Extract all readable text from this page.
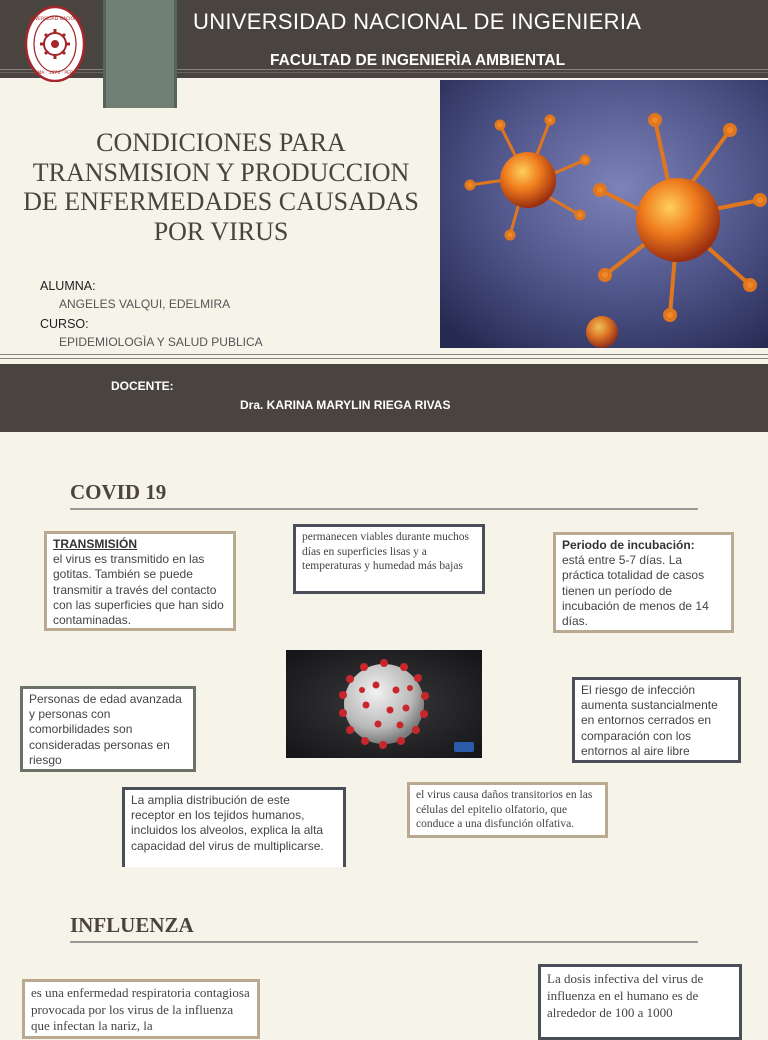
UNIVERSIDAD NACIONAL
LIMA · 1876 · PERÚ
UNIVERSIDAD NACIONAL DE INGENIERIA
FACULTAD DE INGENIERÌA AMBIENTAL
CONDICIONES PARA
TRANSMISION Y PRODUCCION
DE ENFERMEDADES CAUSADAS
POR VIRUS
ALUMNA:
ANGELES VALQUI, EDELMIRA
CURSO:
EPIDEMIOLOGÌA Y SALUD PUBLICA
DOCENTE:
Dra. KARINA MARYLIN RIEGA RIVAS
COVID 19
TRANSMISIÓN
el virus es transmitido en las gotitas. También se puede transmitir a través del contacto con las superficies que han sido contaminadas.
permanecen viables durante muchos días en superficies lisas y a temperaturas y humedad más bajas
Periodo de incubación:
está entre 5-7 días. La práctica totalidad de casos tienen un período de incubación de menos de 14 días.
Personas de edad avanzada y personas con comorbilidades son consideradas personas en riesgo
El riesgo de infección aumenta sustancialmente en entornos cerrados en comparación con los entornos al aire libre
La amplia distribución de este receptor en los tejidos humanos, incluidos los alveolos, explica la alta capacidad del virus de multiplicarse.
el virus causa daños transitorios en las células del epitelio olfatorio, que conduce a una disfunción olfativa.
INFLUENZA
es una enfermedad respiratoria contagiosa provocada por los virus de la influenza que infectan la nariz, la
La dosis infectiva del virus de influenza en el humano es de alrededor de 100 a 1000
